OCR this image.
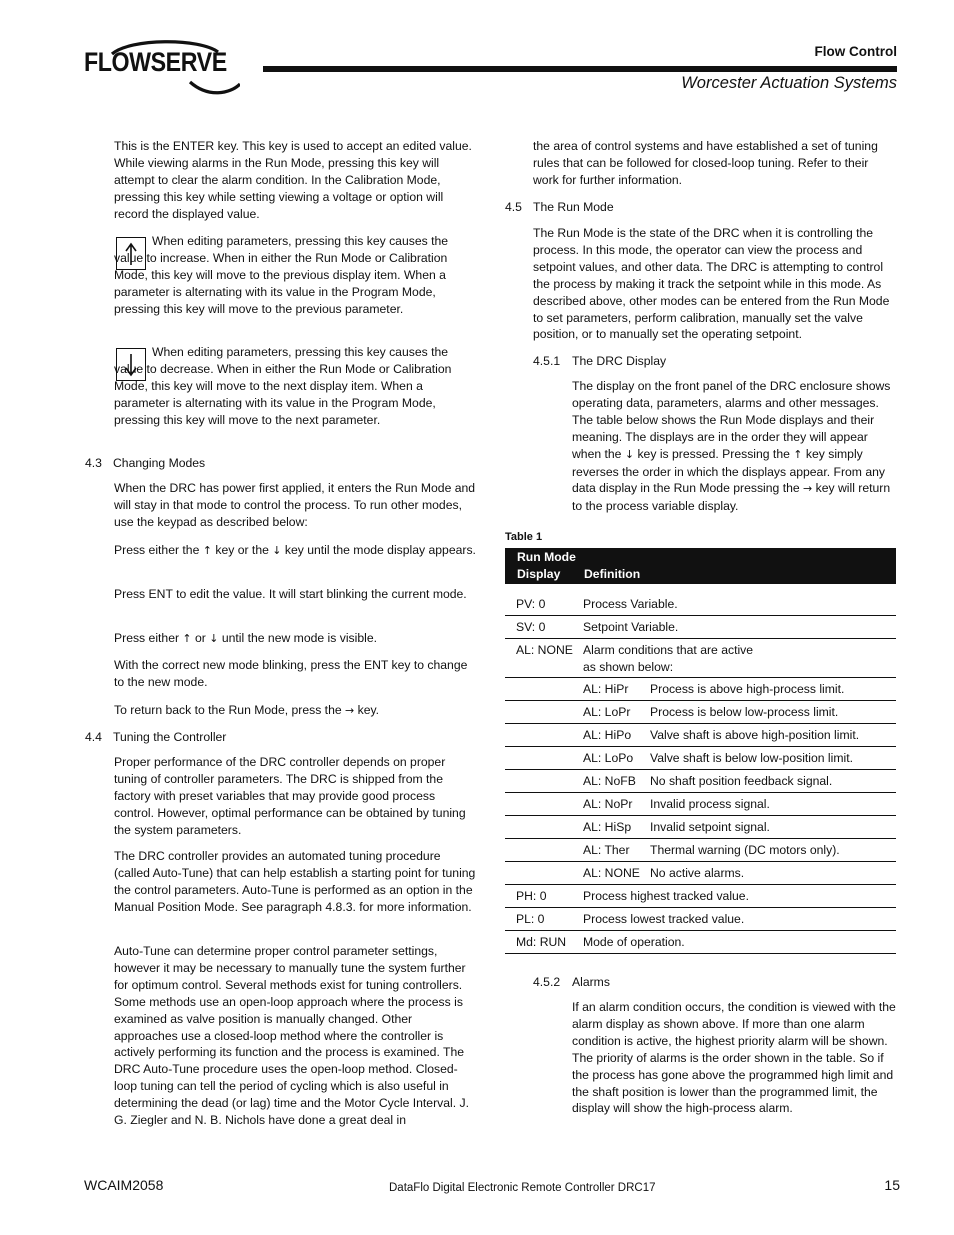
FLOWSERVE	Flow Control
Worcester Actuation Systems

This is the ENTER key. This key is used to accept an edited value. While viewing alarms in the Run Mode, pressing this key will attempt to clear the alarm condition. In the Calibration Mode, pressing this key while setting viewing a voltage or option will record the displayed value.

When editing parameters, pressing this key causes the value to increase. When in either the Run Mode or Calibration Mode, this key will move to the previous display item. When a parameter is alternating with its value in the Program Mode, pressing this key will move to the previous parameter.

When editing parameters, pressing this key causes the value to decrease. When in either the Run Mode or Calibration Mode, this key will move to the next display item. When a parameter is alternating with its value in the Program Mode, pressing this key will move to the next parameter.

4.3 Changing Modes

When the DRC has power first applied, it enters the Run Mode and will stay in that mode to control the process. To run other modes, use the keypad as described below:

Press either the ↑ key or the ↓ key until the mode display appears.

Press ENT to edit the value. It will start blinking the current mode.

Press either ↑ or ↓ until the new mode is visible.

With the correct new mode blinking, press the ENT key to change to the new mode.

To return back to the Run Mode, press the → key.

4.4 Tuning the Controller

Proper performance of the DRC controller depends on proper tuning of controller parameters. The DRC is shipped from the factory with preset variables that may provide good process control. However, optimal performance can be obtained by tuning the system parameters.

The DRC controller provides an automated tuning procedure (called Auto-Tune) that can help establish a starting point for tuning the control parameters. Auto-Tune is performed as an option in the Manual Position Mode. See paragraph 4.8.3. for more information.

Auto-Tune can determine proper control parameter settings, however it may be necessary to manually tune the system further for optimum control. Several methods exist for tuning controllers. Some methods use an open-loop approach where the process is examined as valve position is manually changed. Other approaches use a closed-loop method where the controller is actively performing its function and the process is examined. The DRC Auto-Tune procedure uses the open-loop method. Closed-loop tuning can tell the period of cycling which is also useful in determining the dead (or lag) time and the Motor Cycle Interval. J. G. Ziegler and N. B. Nichols have done a great deal in

the area of control systems and have established a set of tuning rules that can be followed for closed-loop tuning. Refer to their work for further information.

4.5 The Run Mode

The Run Mode is the state of the DRC when it is controlling the process. In this mode, the operator can view the process and setpoint values, and other data. The DRC is attempting to control the process by making it track the setpoint while in this mode. As described above, other modes can be entered from the Run Mode to set parameters, perform calibration, manually set the valve position, or to manually set the operating setpoint.

4.5.1 The DRC Display

The display on the front panel of the DRC enclosure shows operating data, parameters, alarms and other messages. The table below shows the Run Mode displays and their meaning. The displays are in the order they will appear when the ↓ key is pressed. Pressing the ↑ key simply reverses the order in which the displays appear. From any data display in the Run Mode pressing the → key will return to the process variable display.

Table 1
Run Mode
Display Definition
PV: 0	Process Variable.
SV: 0	Setpoint Variable.
AL: NONE Alarm conditions that are active
as shown below:
AL: HiPr Process is above high-process limit.
AL: LoPr Process is below low-process limit.
AL: HiPo Valve shaft is above high-position limit.
AL: LoPo Valve shaft is below low-position limit.
AL: NoFB No shaft position feedback signal.
AL: NoPr Invalid process signal.
AL: HiSp Invalid setpoint signal.
AL: Ther Thermal warning (DC motors only).
AL: NONE No active alarms.
PH: 0	Process highest tracked value.
PL: 0	Process lowest tracked value.
Md: RUN Mode of operation.
4.5.2 Alarms

If an alarm condition occurs, the condition is viewed with the alarm display as shown above. If more than one alarm condition is active, the highest priority alarm will be shown. The priority of alarms is the order shown in the table. So if the process has gone above the programmed high limit and the shaft position is lower than the programmed limit, the display will show the high-process alarm.

WCAIM2058	DataFlo Digital Electronic Remote Controller DRC17	15
